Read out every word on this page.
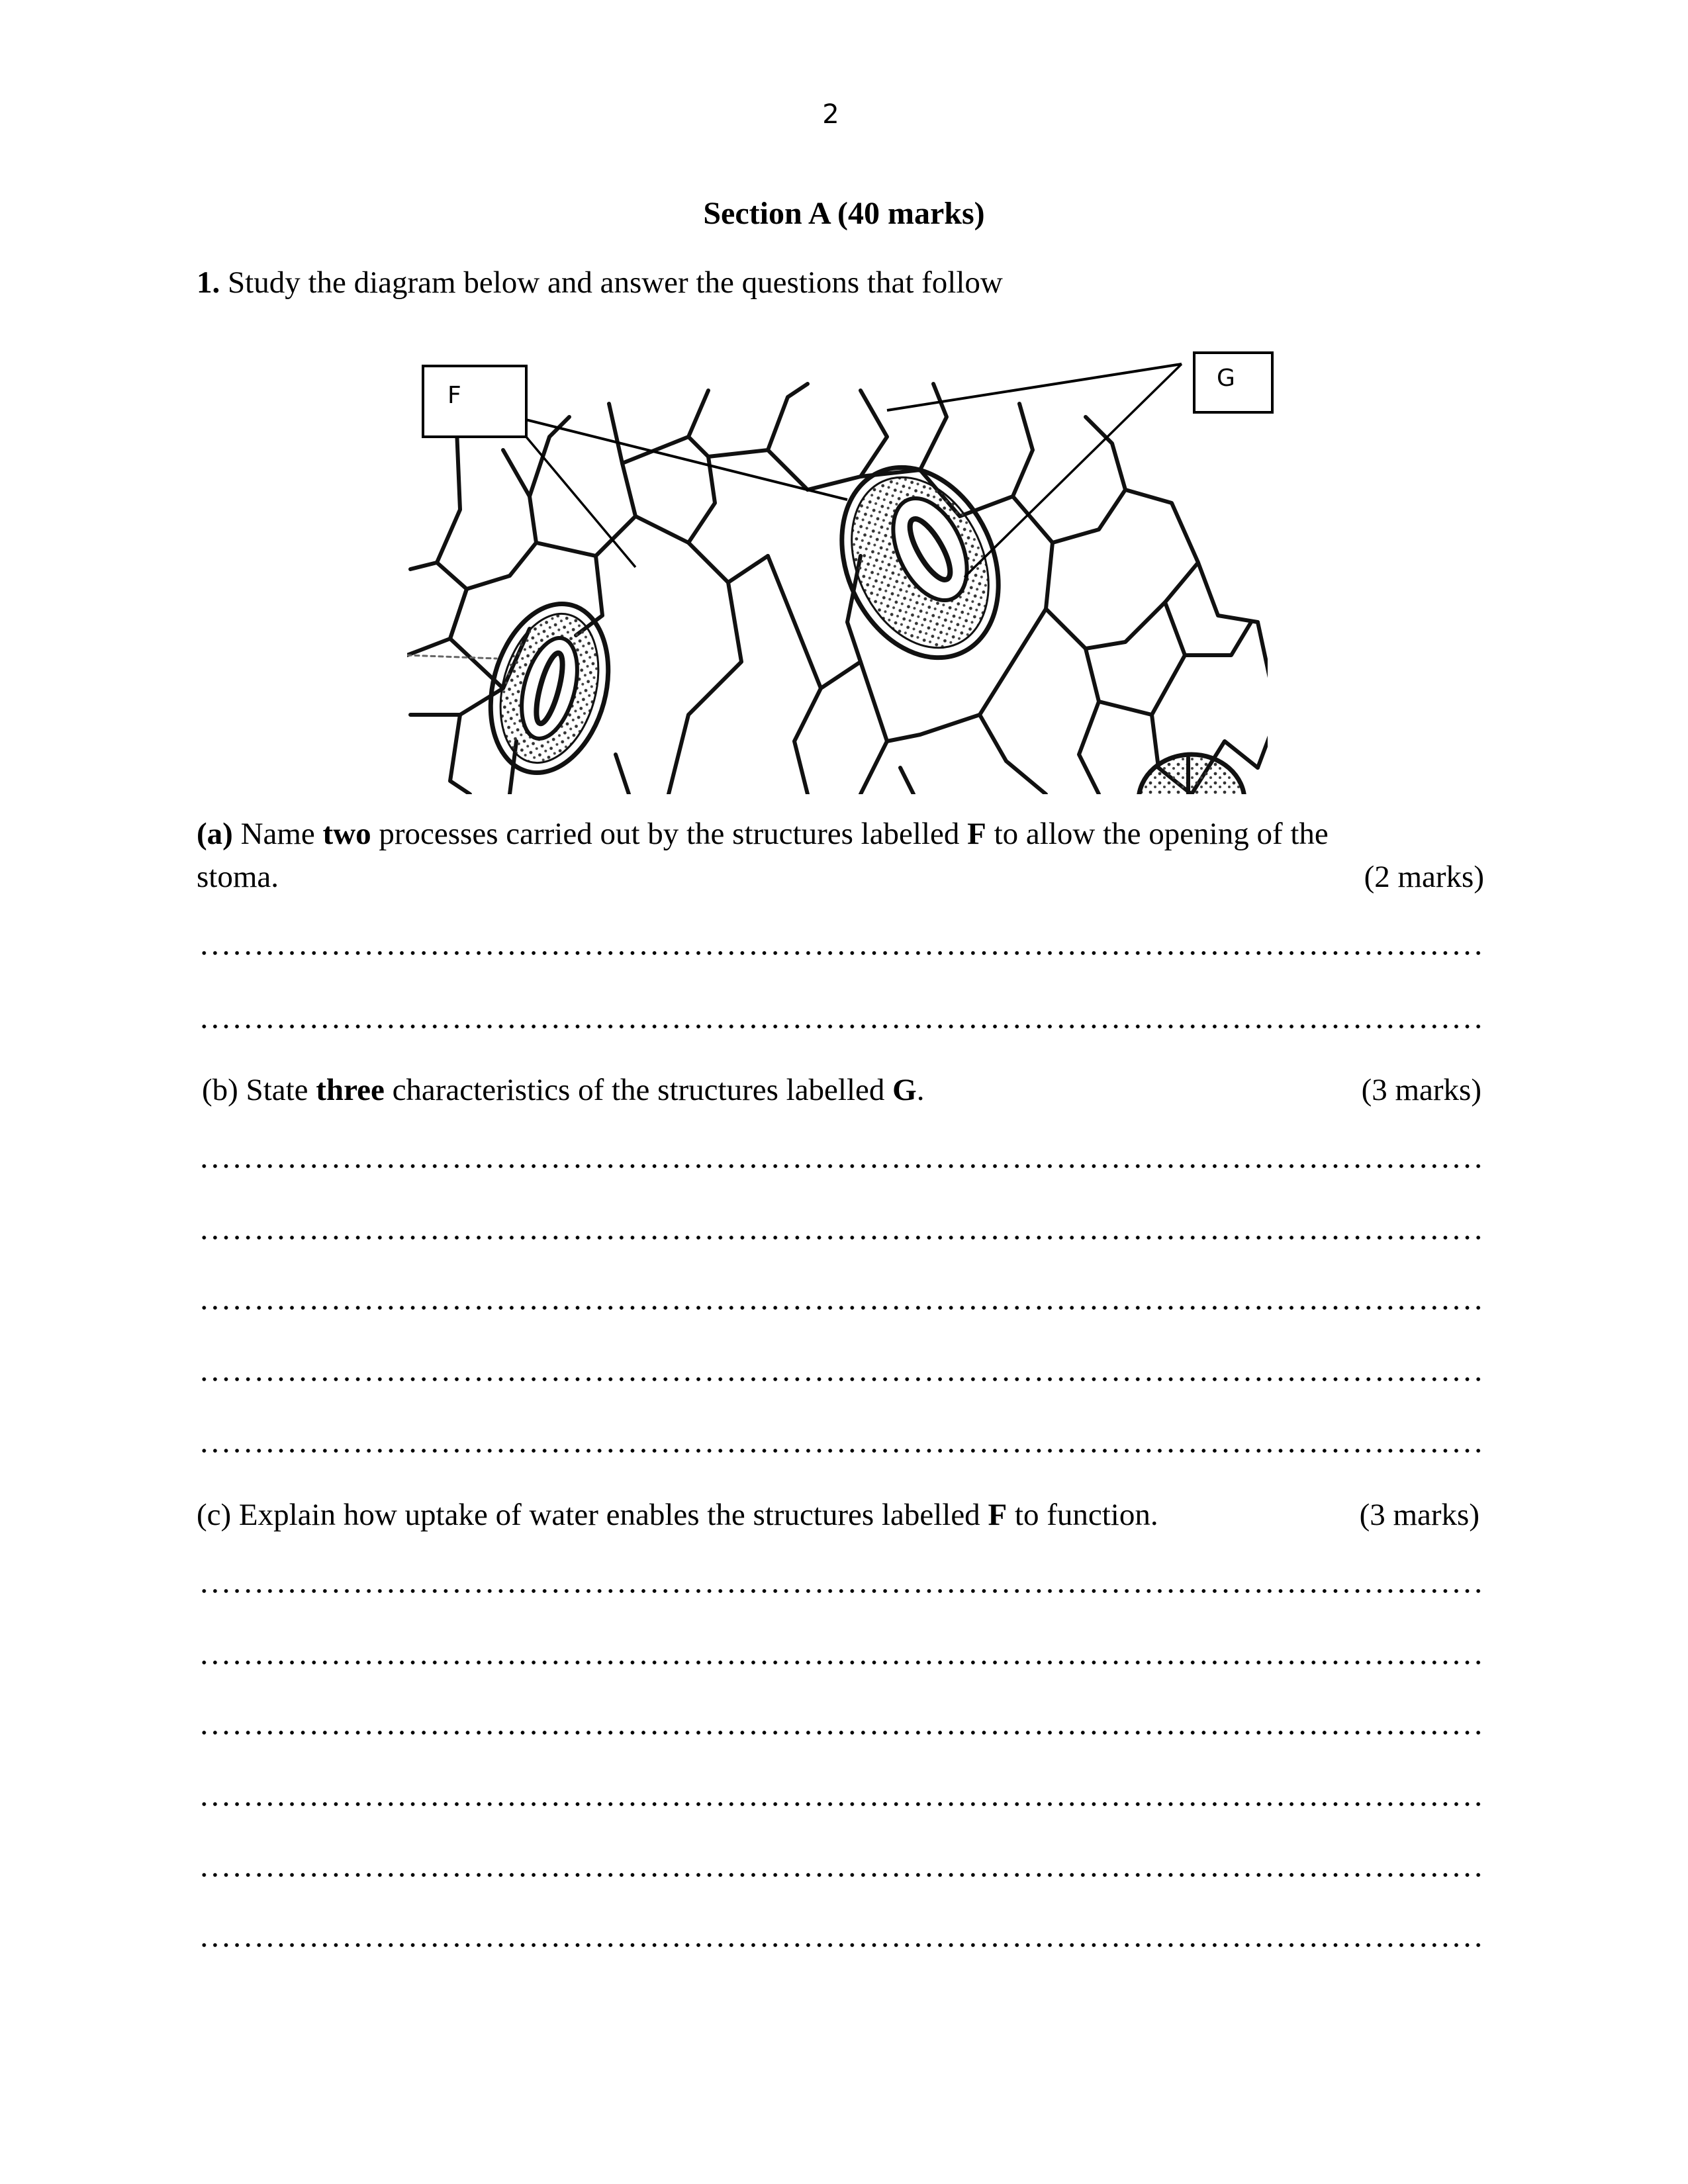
2
Section A (40 marks)
1. Study the diagram below and answer the questions that follow
F
G
(a) Name two processes carried out by the structures labelled F to allow the opening of the
stoma.	(2 marks)
(b) State three characteristics of the structures labelled G.	(3 marks)
(c) Explain how uptake of water enables the structures labelled F to function.	(3 marks)
